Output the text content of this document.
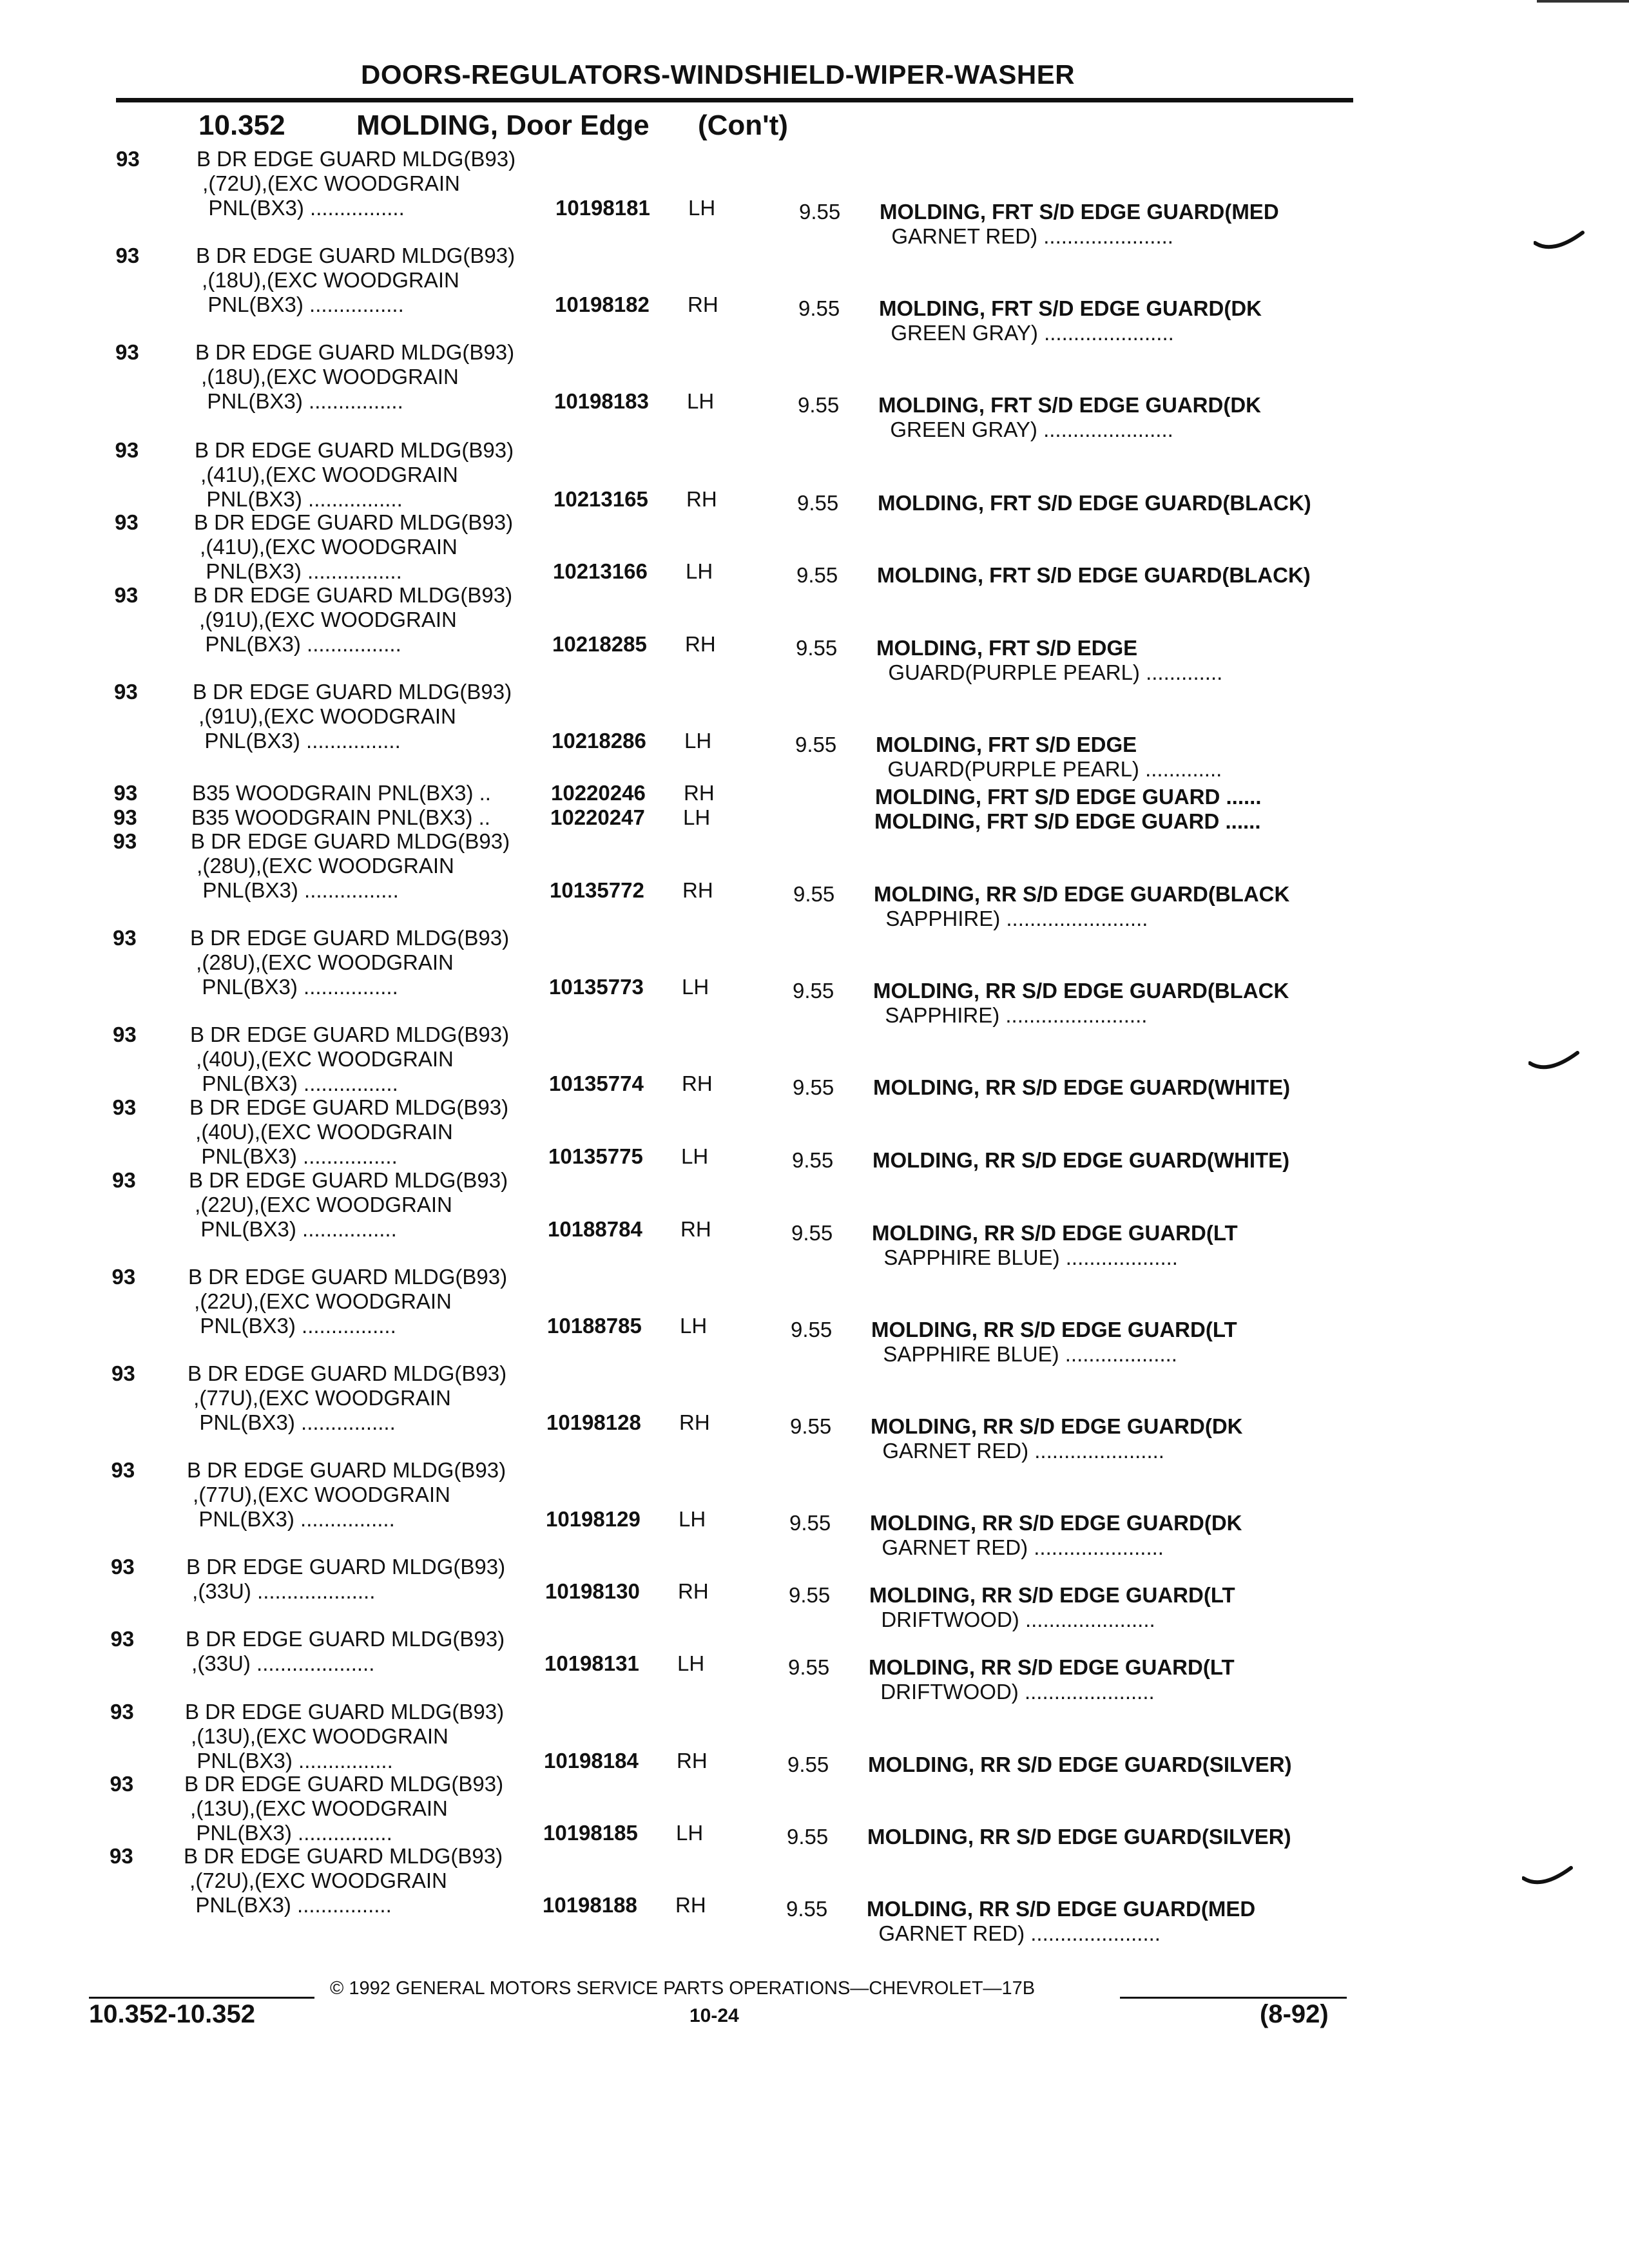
DOORS-REGULATORS-WINDSHIELD-WIPER-WASHER
10.352	MOLDING, Door Edge (Con't)
93	B DR EDGE GUARD MLDG(B93)
,(72U),(EXC WOODGRAIN
PNL(BX3) ................	10198181 LH	9.55 MOLDING, FRT S/D EDGE GUARD(MED
GARNET RED) ......................
93	B DR EDGE GUARD MLDG(B93)
,(18U),(EXC WOODGRAIN
PNL(BX3) ................	10198182 RH	9.55 MOLDING, FRT S/D EDGE GUARD(DK
GREEN GRAY) ......................
93	B DR EDGE GUARD MLDG(B93)
,(18U),(EXC WOODGRAIN
PNL(BX3) ................	10198183 LH	9.55 MOLDING, FRT S/D EDGE GUARD(DK
GREEN GRAY) ......................
93	B DR EDGE GUARD MLDG(B93)
,(41U),(EXC WOODGRAIN
PNL(BX3) ................	10213165 RH	9.55 MOLDING, FRT S/D EDGE GUARD(BLACK)
93	B DR EDGE GUARD MLDG(B93)
,(41U),(EXC WOODGRAIN
PNL(BX3) ................	10213166 LH	9.55 MOLDING, FRT S/D EDGE GUARD(BLACK)
93	B DR EDGE GUARD MLDG(B93)
,(91U),(EXC WOODGRAIN
PNL(BX3) ................	10218285 RH	9.55 MOLDING, FRT S/D EDGE
GUARD(PURPLE PEARL) .............
93	B DR EDGE GUARD MLDG(B93)
,(91U),(EXC WOODGRAIN
PNL(BX3) ................	10218286 LH	9.55 MOLDING, FRT S/D EDGE
GUARD(PURPLE PEARL) .............
93	B35 WOODGRAIN PNL(BX3) ..	10220246 RH	MOLDING, FRT S/D EDGE GUARD ......
93	B35 WOODGRAIN PNL(BX3) ..	10220247 LH	MOLDING, FRT S/D EDGE GUARD ......
93	B DR EDGE GUARD MLDG(B93)
,(28U),(EXC WOODGRAIN
PNL(BX3) ................	10135772 RH	9.55 MOLDING, RR S/D EDGE GUARD(BLACK
SAPPHIRE) ........................
93	B DR EDGE GUARD MLDG(B93)
,(28U),(EXC WOODGRAIN
PNL(BX3) ................	10135773 LH	9.55 MOLDING, RR S/D EDGE GUARD(BLACK
SAPPHIRE) ........................
93	B DR EDGE GUARD MLDG(B93)
,(40U),(EXC WOODGRAIN
PNL(BX3) ................	10135774 RH	9.55 MOLDING, RR S/D EDGE GUARD(WHITE)
93	B DR EDGE GUARD MLDG(B93)
,(40U),(EXC WOODGRAIN
PNL(BX3) ................	10135775 LH	9.55 MOLDING, RR S/D EDGE GUARD(WHITE)
93 B DR EDGE GUARD MLDG(B93)
,(22U),(EXC WOODGRAIN
PNL(BX3) ................	10188784 RH	9.55 MOLDING, RR S/D EDGE GUARD(LT
SAPPHIRE BLUE) ...................
93 B DR EDGE GUARD MLDG(B93)
,(22U),(EXC WOODGRAIN
PNL(BX3) ................	10188785 LH	9.55 MOLDING, RR S/D EDGE GUARD(LT
SAPPHIRE BLUE) ...................
93 B DR EDGE GUARD MLDG(B93)
,(77U),(EXC WOODGRAIN
PNL(BX3) ................	10198128 RH	9.55 MOLDING, RR S/D EDGE GUARD(DK
GARNET RED) ......................
93 B DR EDGE GUARD MLDG(B93)
,(77U),(EXC WOODGRAIN
PNL(BX3) ................	10198129 LH	9.55 MOLDING, RR S/D EDGE GUARD(DK
GARNET RED) ......................
93 B DR EDGE GUARD MLDG(B93)
,(33U) ....................	10198130 RH	9.55 MOLDING, RR S/D EDGE GUARD(LT
DRIFTWOOD) ......................
93 B DR EDGE GUARD MLDG(B93)
,(33U) ....................	10198131 LH	9.55 MOLDING, RR S/D EDGE GUARD(LT
DRIFTWOOD) ......................
93 B DR EDGE GUARD MLDG(B93)
,(13U),(EXC WOODGRAIN
PNL(BX3) ................	10198184 RH	9.55 MOLDING, RR S/D EDGE GUARD(SILVER)
93 B DR EDGE GUARD MLDG(B93)
,(13U),(EXC WOODGRAIN
PNL(BX3) ................	10198185 LH	9.55 MOLDING, RR S/D EDGE GUARD(SILVER)
93 B DR EDGE GUARD MLDG(B93)
,(72U),(EXC WOODGRAIN
PNL(BX3) ................	10198188 RH	9.55 MOLDING, RR S/D EDGE GUARD(MED
GARNET RED) ......................
© 1992 GENERAL MOTORS SERVICE PARTS OPERATIONS—CHEVROLET—17B
10.352-10.352	10-24	(8-92)
